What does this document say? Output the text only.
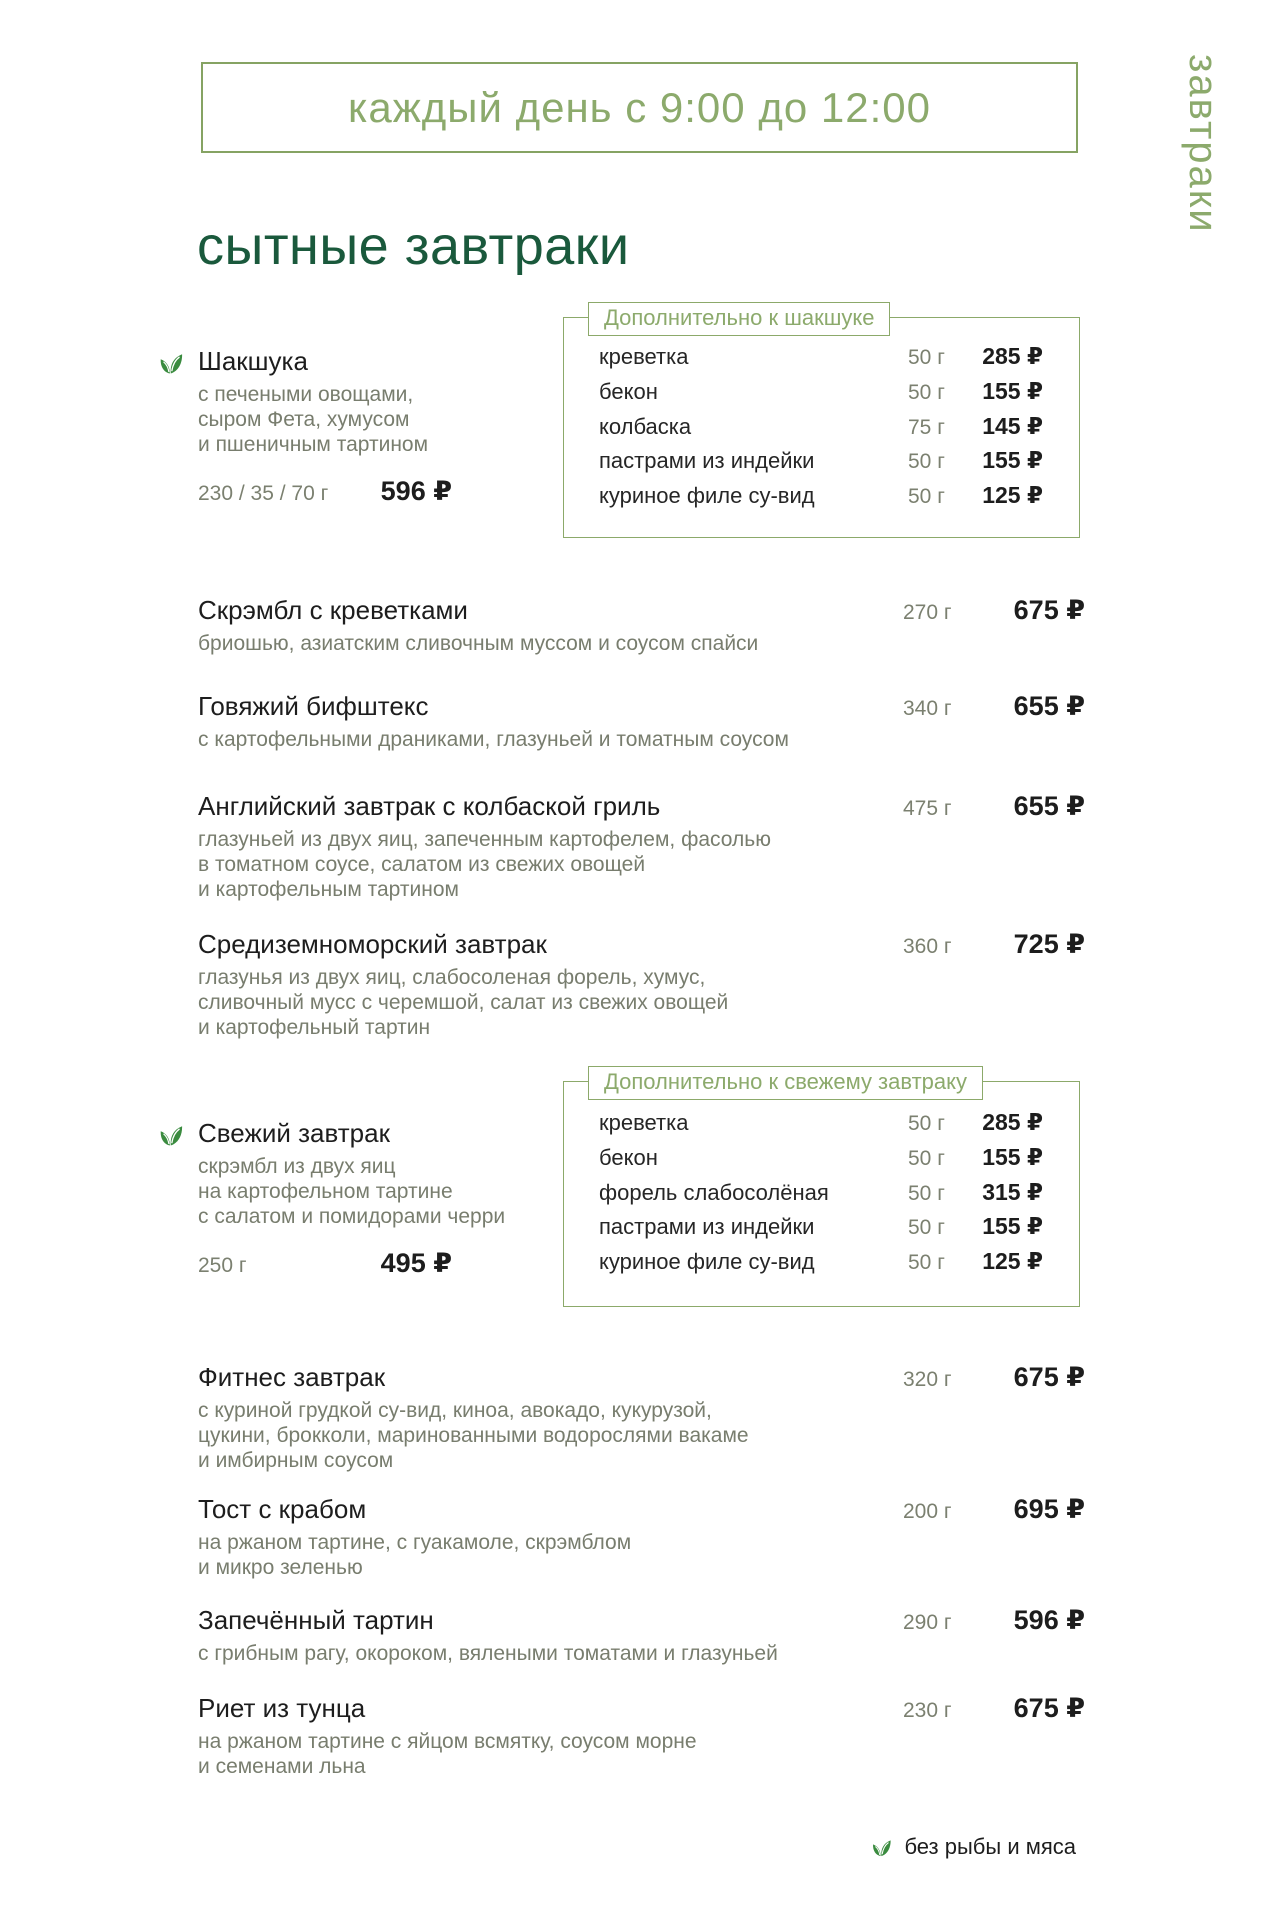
каждый день с 9:00 до 12:00	завтраки
сытные завтраки
Шакшука
с печеными овощами,
сыром Фета, хумусом
и пшеничным тартином
230 / 35 / 70 г 596 ₽
Дополнительно к шакшуке
креветка	50 г	285 ₽
бекон	50 г	155 ₽
колбаска	75 г	145 ₽
пастрами из индейки	50 г	155 ₽
куриное филе су-вид	50 г	125 ₽
Скрэмбл с креветками	270 г	675 ₽
бриошью, азиатским сливочным муссом и соусом спайси
Говяжий бифштекс	340 г	655 ₽
с картофельными драниками, глазуньей и томатным соусом
Английский завтрак с колбаской гриль	475 г	655 ₽
глазуньей из двух яиц, запеченным картофелем, фасолью
в томатном соусе, салатом из свежих овощей
и картофельным тартином
Средиземноморский завтрак	360 г	725 ₽
глазунья из двух яиц, слабосоленая форель, хумус,
сливочный мусс с черемшой, салат из свежих овощей
и картофельный тартин
Свежий завтрак
скрэмбл из двух яиц
на картофельном тартине
с салатом и помидорами черри
250 г	495 ₽
Дополнительно к свежему завтраку
креветка	50 г	285 ₽
бекон	50 г	155 ₽
форель слабосолёная	50 г	315 ₽
пастрами из индейки	50 г	155 ₽
куриное филе су-вид	50 г	125 ₽
Фитнес завтрак	320 г	675 ₽
с куриной грудкой су-вид, киноа, авокадо, кукурузой,
цукини, брокколи, маринованными водорослями вакаме
и имбирным соусом
Тост с крабом	200 г	695 ₽
на ржаном тартине, с гуакамоле, скрэмблом
и микро зеленью
Запечённый тартин	290 г	596 ₽
с грибным рагу, окороком, вялеными томатами и глазуньей
Риет из тунца	230 г	675 ₽
на ржаном тартине с яйцом всмятку, соусом морне
и семенами льна
без рыбы и мяса
